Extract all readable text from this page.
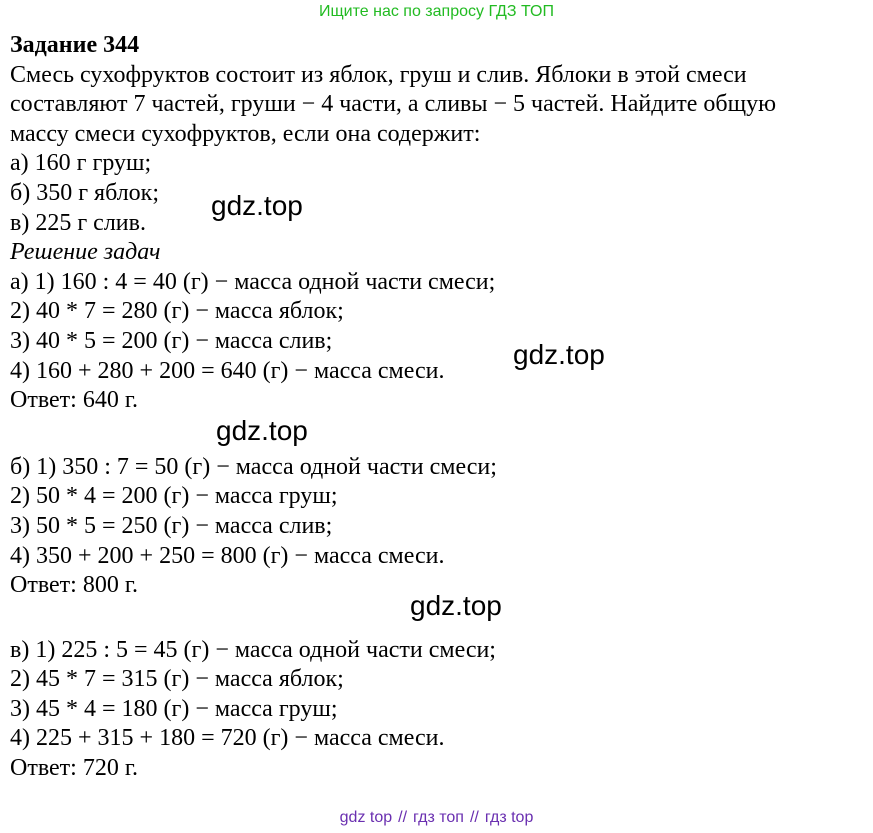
Ищите нас по запросу ГДЗ ТОП
Задание 344
Смесь сухофруктов состоит из яблок, груш и слив. Яблоки в этой смеси
составляют 7 частей, груши − 4 части, а сливы − 5 частей. Найдите общую
массу смеси сухофруктов, если она содержит:
а) 160 г груш;
б) 350 г яблок;
в) 225 г слив.
Решение задач
а) 1) 160 : 4 = 40 (г) − масса одной части смеси;
2) 40 * 7 = 280 (г) − масса яблок;
3) 40 * 5 = 200 (г) − масса слив;
4) 160 + 280 + 200 = 640 (г) − масса смеси.
Ответ: 640 г.
б) 1) 350 : 7 = 50 (г) − масса одной части смеси;
2) 50 * 4 = 200 (г) − масса груш;
3) 50 * 5 = 250 (г) − масса слив;
4) 350 + 200 + 250 = 800 (г) − масса смеси.
Ответ: 800 г.
в) 1) 225 : 5 = 45 (г) − масса одной части смеси;
2) 45 * 7 = 315 (г) − масса яблок;
3) 45 * 4 = 180 (г) − масса груш;
4) 225 + 315 + 180 = 720 (г) − масса смеси.
Ответ: 720 г.
gdz.top
gdz.top
gdz.top
gdz.top
gdz top // гдз топ // гдз top
